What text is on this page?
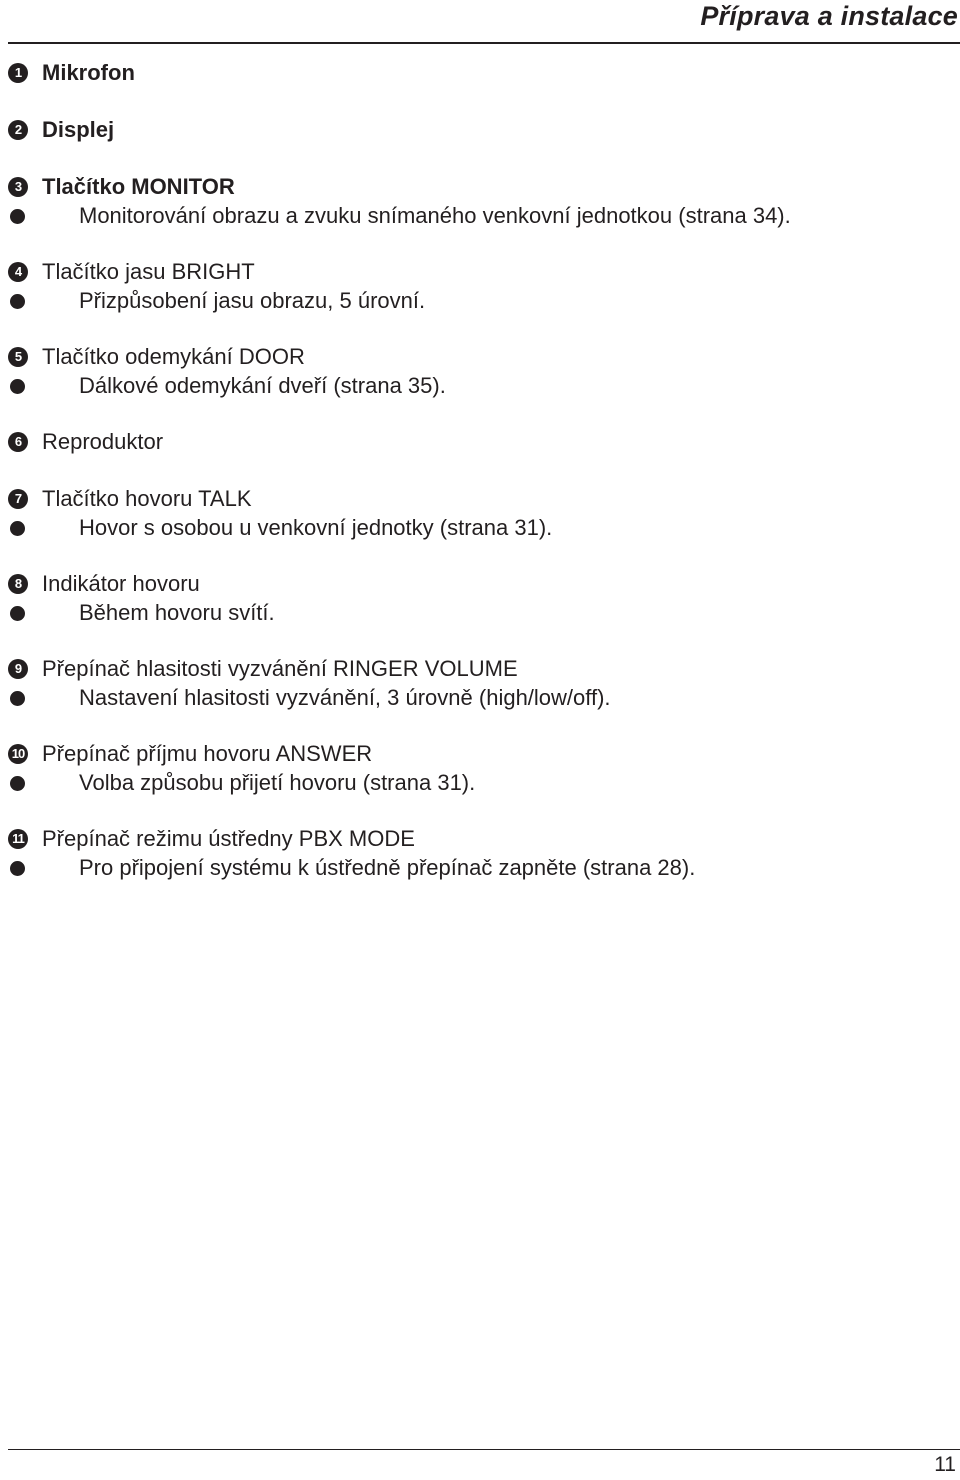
Příprava a instalace
1 Mikrofon
2 Displej
3 Tlačítko MONITOR
Monitorování obrazu a zvuku snímaného venkovní jednotkou (strana 34).
4 Tlačítko jasu BRIGHT
Přizpůsobení jasu obrazu, 5 úrovní.
5 Tlačítko odemykání DOOR
Dálkové odemykání dveří (strana 35).
6 Reproduktor
7 Tlačítko hovoru TALK
Hovor s osobou u venkovní jednotky (strana 31).
8 Indikátor hovoru
Během hovoru svítí.
9 Přepínač hlasitosti vyzvánění RINGER VOLUME
Nastavení hlasitosti vyzvánění, 3 úrovně (high/low/off).
10 Přepínač příjmu hovoru ANSWER
Volba způsobu přijetí hovoru (strana 31).
11 Přepínač režimu ústředny PBX MODE
Pro připojení systému k ústředně přepínač zapněte (strana 28).
11
